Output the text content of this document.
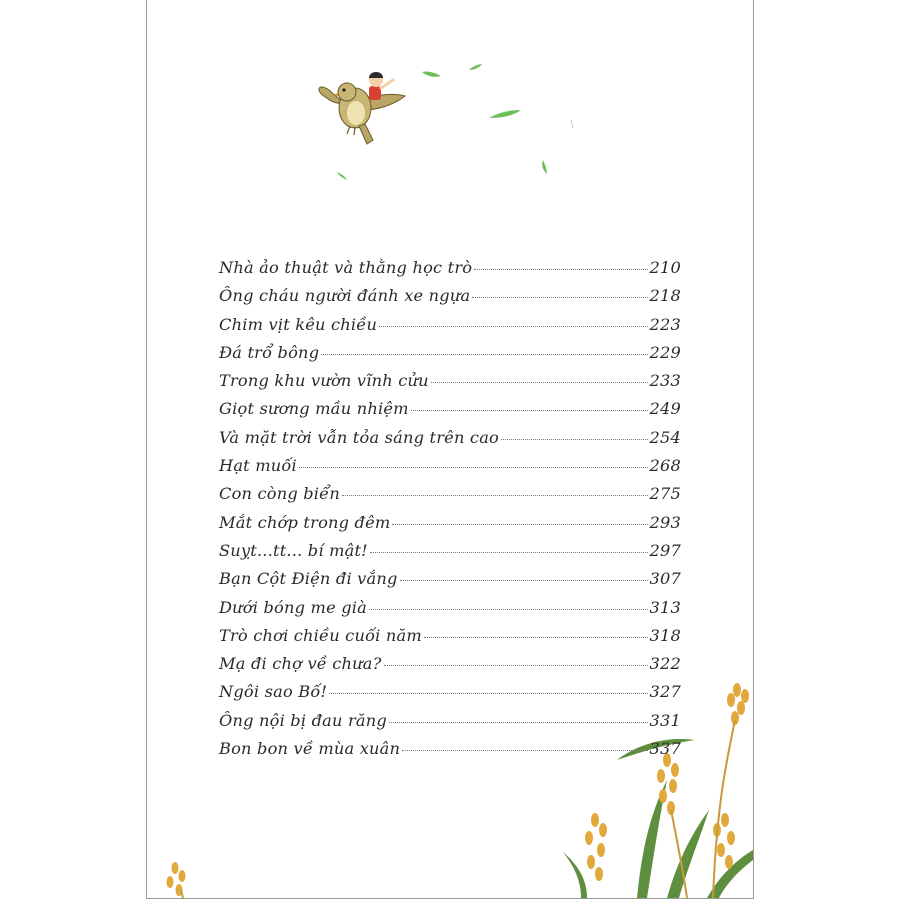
Nhà ảo thuật và thằng học trò	210
Ông cháu người đánh xe ngựa	218
Chim vịt kêu chiều	223
Đá trổ bông	229
Trong khu vườn vĩnh cửu	233
Giọt sương mầu nhiệm	249
Và mặt trời vẫn tỏa sáng trên cao	254
Hạt muối	268
Con còng biển	275
Mắt chớp trong đêm	293
Suỵt...tt... bí mật!	297
Bạn Cột Điện đi vắng	307
Dưới bóng me già	313
Trò chơi chiều cuối năm	318
Mạ đi chợ về chưa?	322
Ngôi sao Bố!	327
Ông nội bị đau răng	331
Bon bon về mùa xuân	337
